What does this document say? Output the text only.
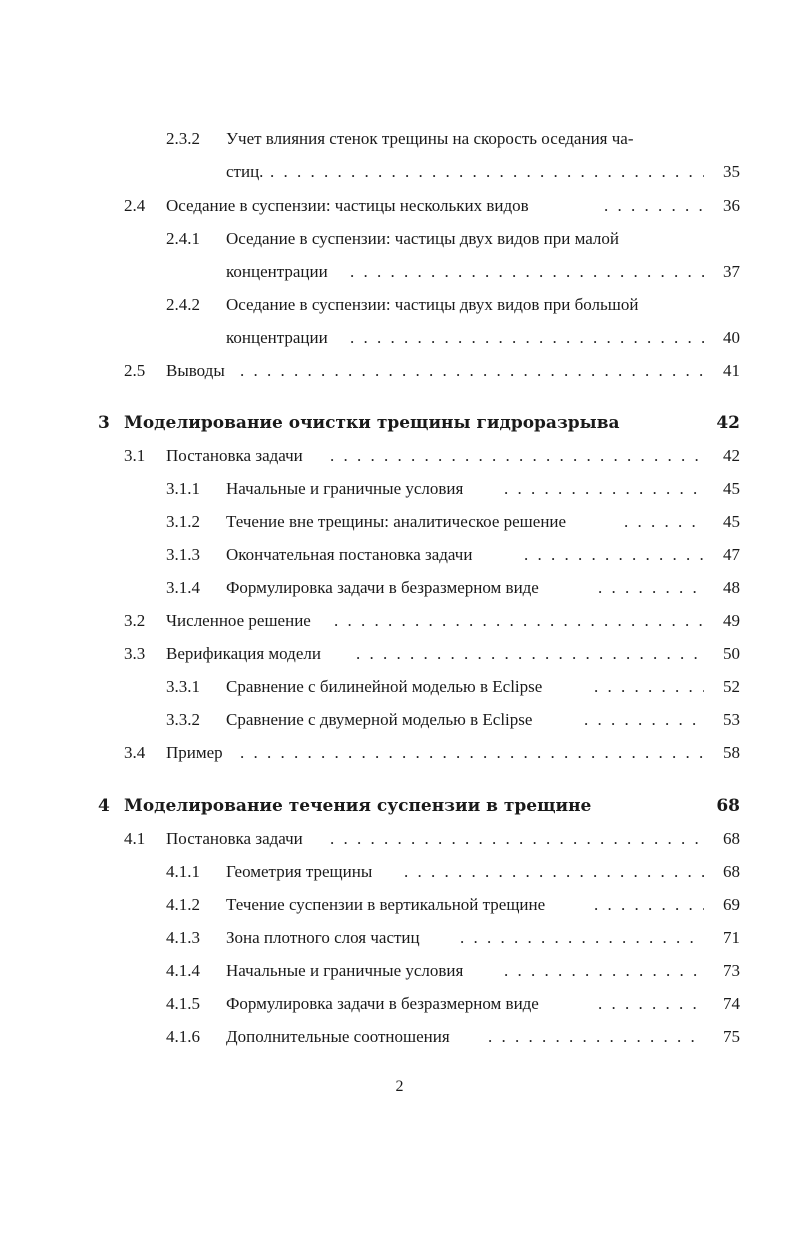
2.3.2 Учет влияния стенок трещины на скорость оседания ча-
стиц. . . .	35
2.4 Оседание в суспензии: частицы нескольких видов . . .	36
2.4.1 Оседание в суспензии: частицы двух видов при малой
концентрации . . .	37
2.4.2 Оседание в суспензии: частицы двух видов при большой
концентрации . . .	40
2.5 Выводы . . .	41
3 Моделирование очистки трещины гидроразрыва	42
3.1 Постановка задачи . . .	42
3.1.1 Начальные и граничные условия . . .	45
3.1.2 Течение вне трещины: аналитическое решение . . .	45
3.1.3 Окончательная постановка задачи . . .	47
3.1.4 Формулировка задачи в безразмерном виде . . .	48
3.2 Численное решение . . .	49
3.3 Верификация модели . . .	50
3.3.1 Сравнение с билинейной моделью в Eclipse . . .	52
3.3.2 Сравнение с двумерной моделью в Eclipse . . .	53
3.4 Пример . . .	58
4 Моделирование течения суспензии в трещине	68
4.1 Постановка задачи . . .	68
4.1.1 Геометрия трещины . . .	68
4.1.2 Течение суспензии в вертикальной трещине . . .	69
4.1.3 Зона плотного слоя частиц . . .	71
4.1.4 Начальные и граничные условия . . .	73
4.1.5 Формулировка задачи в безразмерном виде . . .	74
4.1.6 Дополнительные соотношения . . .	75
2
